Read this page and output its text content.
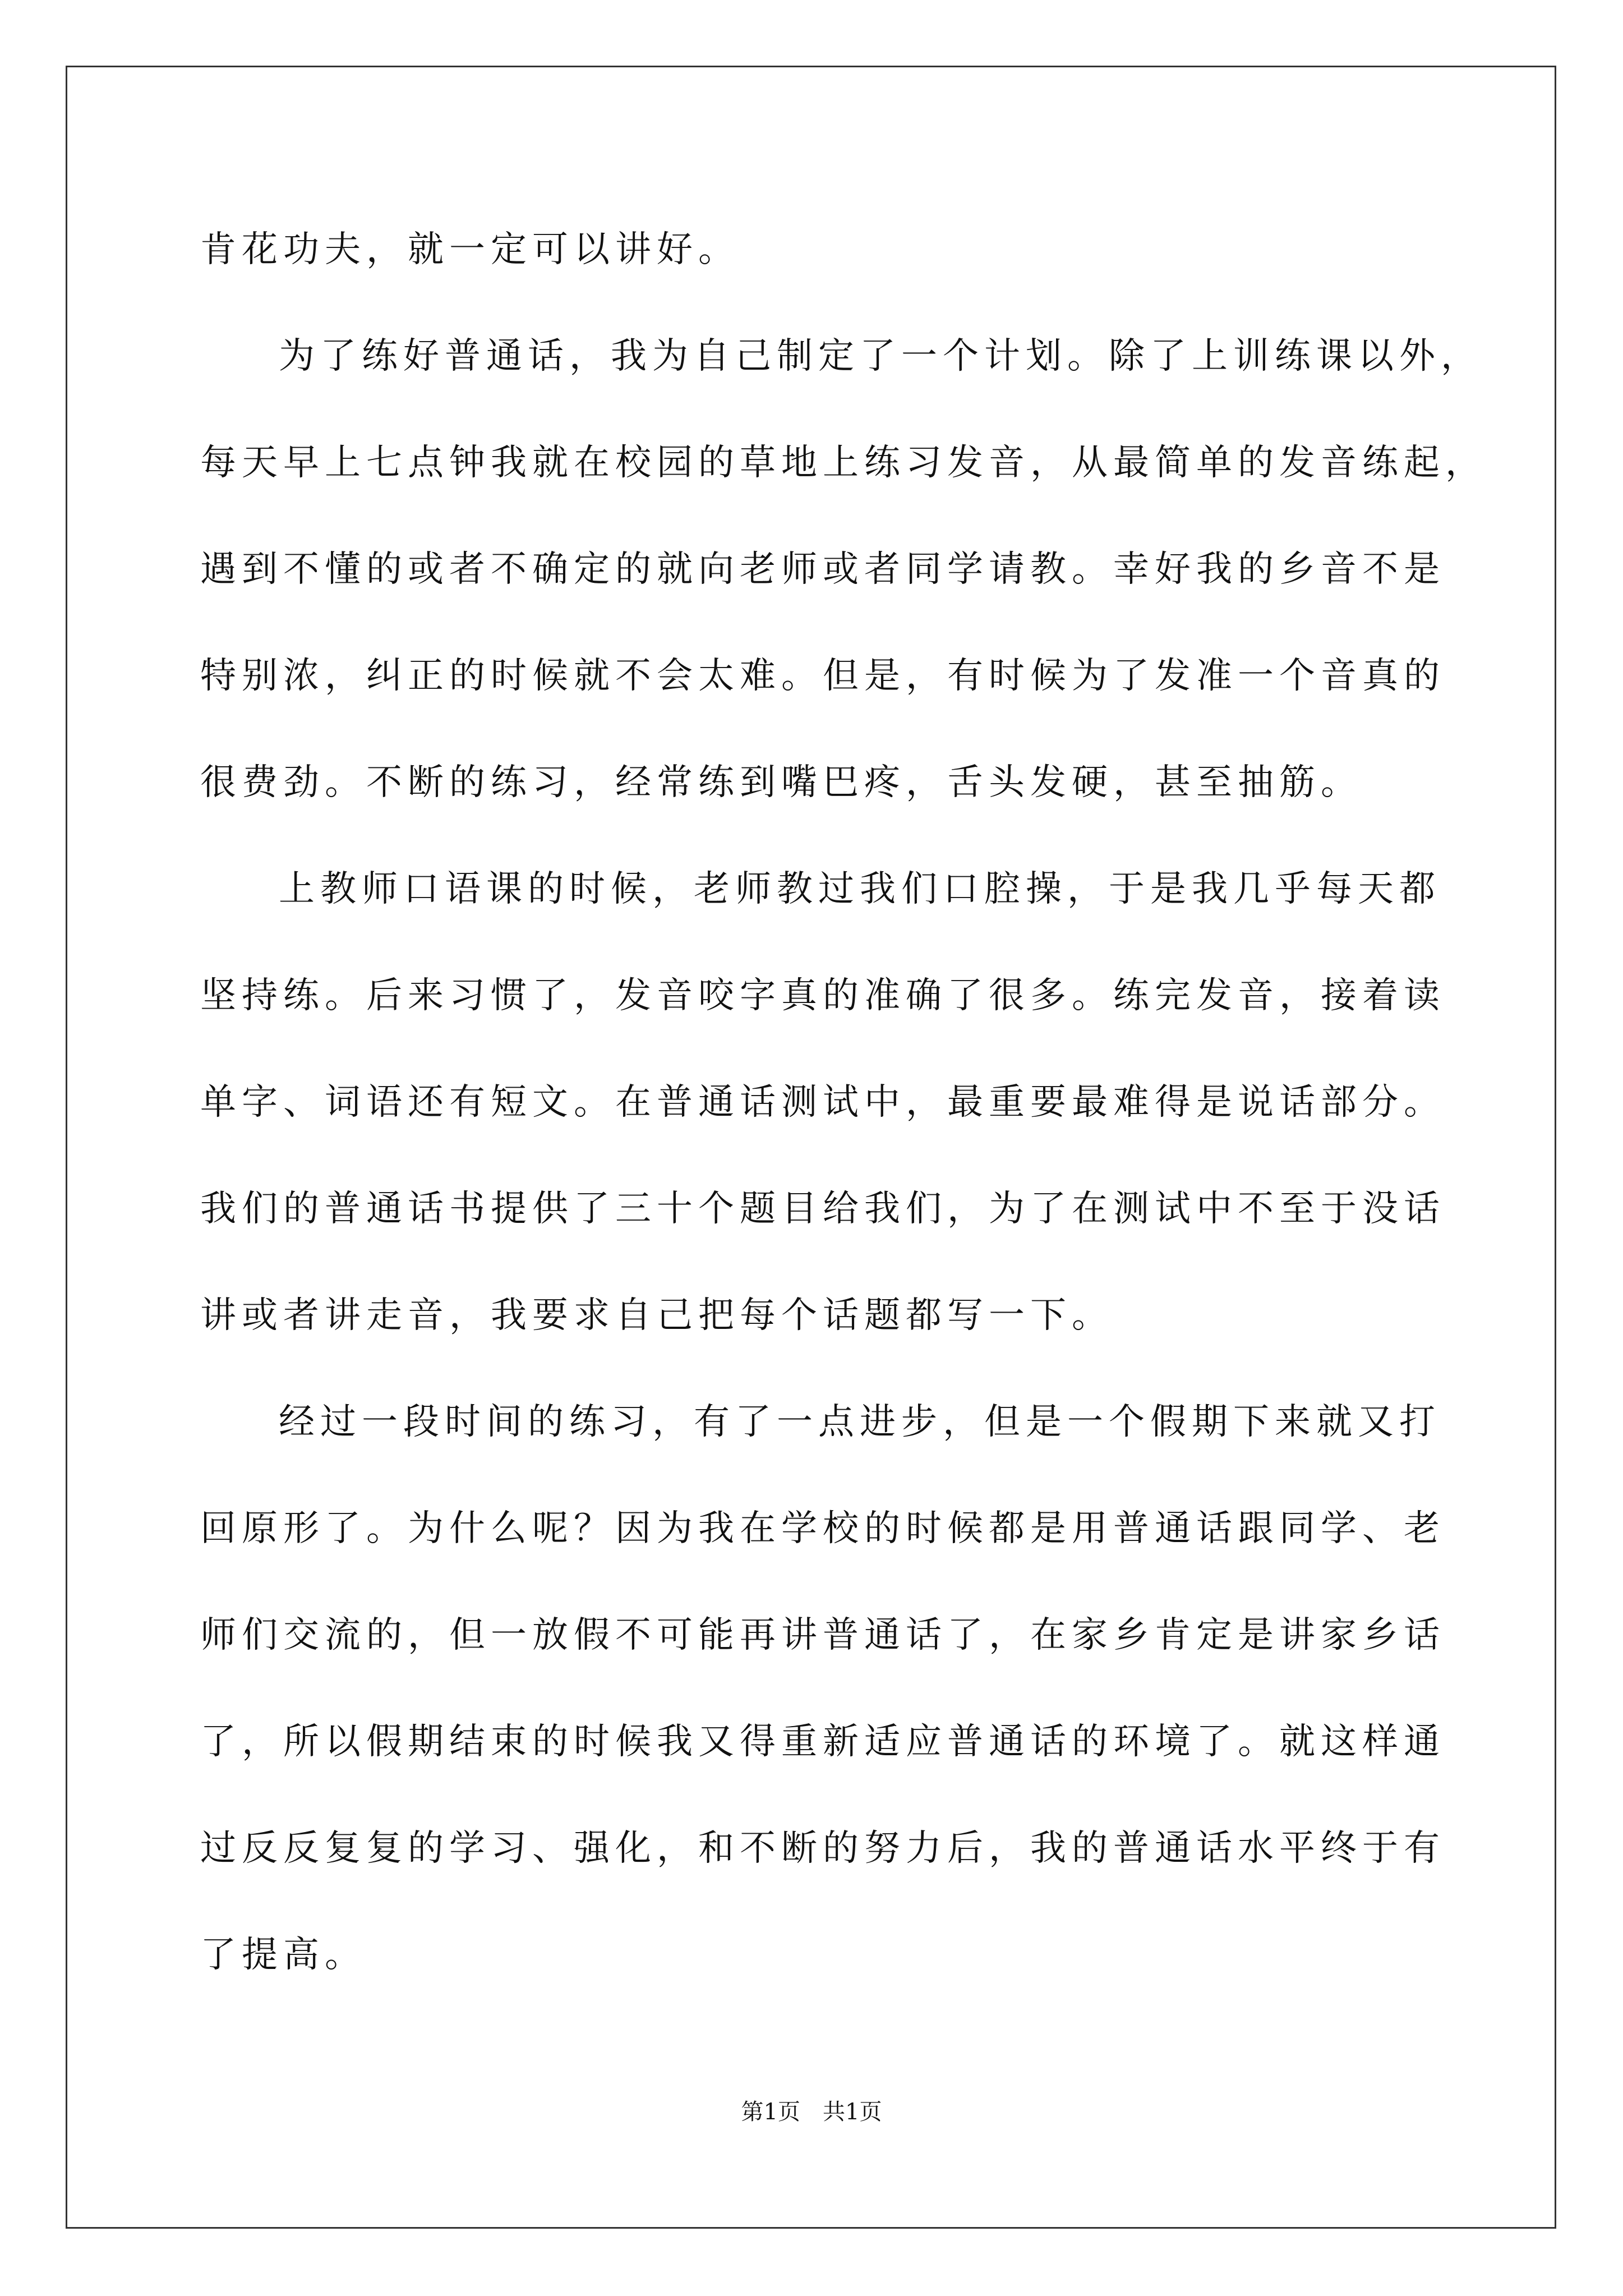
肯花功夫，就一定可以讲好。
为了练好普通话，我为自己制定了一个计划。除了上训练课以外，
每天早上七点钟我就在校园的草地上练习发音，从最简单的发音练起，
遇到不懂的或者不确定的就向老师或者同学请教。幸好我的乡音不是
特别浓，纠正的时候就不会太难。但是，有时候为了发准一个音真的
很费劲。不断的练习，经常练到嘴巴疼，舌头发硬，甚至抽筋。
上教师口语课的时候，老师教过我们口腔操，于是我几乎每天都
坚持练。后来习惯了，发音咬字真的准确了很多。练完发音，接着读
单字、词语还有短文。在普通话测试中，最重要最难得是说话部分。
我们的普通话书提供了三十个题目给我们，为了在测试中不至于没话
讲或者讲走音，我要求自己把每个话题都写一下。
经过一段时间的练习，有了一点进步，但是一个假期下来就又打
回原形了。为什么呢？因为我在学校的时候都是用普通话跟同学、老
师们交流的，但一放假不可能再讲普通话了，在家乡肯定是讲家乡话
了，所以假期结束的时候我又得重新适应普通话的环境了。就这样通
过反反复复的学习、强化，和不断的努力后，我的普通话水平终于有
了提高。
第1页　共1页
